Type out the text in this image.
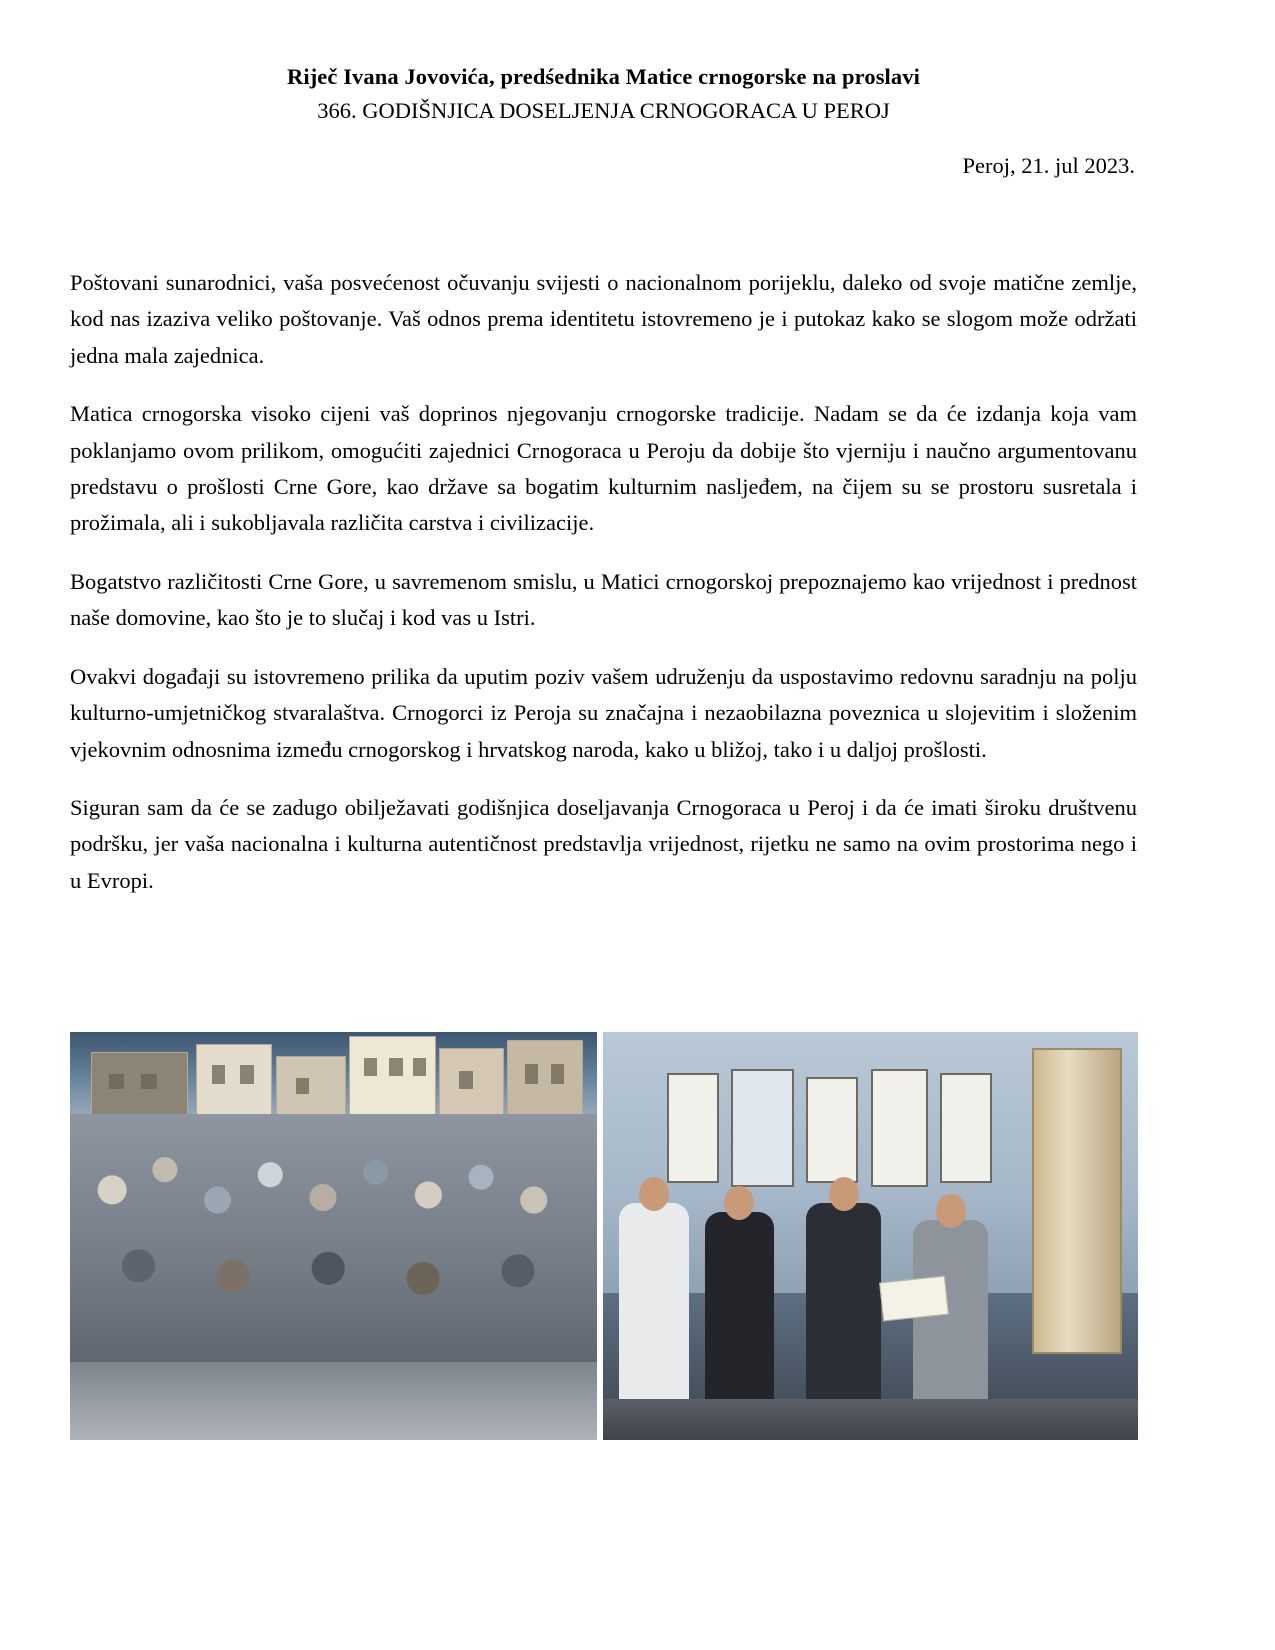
Riječ Ivana Jovovića, predśednika Matice crnogorske na proslavi
366. GODIŠNJICA DOSELJENJA CRNOGORACA U PEROJ
Peroj, 21. jul 2023.

Poštovani sunarodnici, vaša posvećenost očuvanju svijesti o nacionalnom porijeklu, daleko od svoje matične zemlje, kod nas izaziva veliko poštovanje. Vaš odnos prema identitetu istovremeno je i putokaz kako se slogom može održati jedna mala zajednica.

Matica crnogorska visoko cijeni vaš doprinos njegovanju crnogorske tradicije. Nadam se da će izdanja koja vam poklanjamo ovom prilikom, omogućiti zajednici Crnogoraca u Peroju da dobije što vjerniju i naučno argumentovanu predstavu o prošlosti Crne Gore, kao države sa bogatim kulturnim nasljeđem, na čijem su se prostoru susretala i prožimala, ali i sukobljavala različita carstva i civilizacije.

Bogatstvo različitosti Crne Gore, u savremenom smislu, u Matici crnogorskoj prepoznajemo kao vrijednost i prednost naše domovine, kao što je to slučaj i kod vas u Istri.

Ovakvi događaji su istovremeno prilika da uputim poziv vašem udruženju da uspostavimo redovnu saradnju na polju kulturno-umjetničkog stvaralaštva. Crnogorci iz Peroja su značajna i nezaobilazna poveznica u slojevitim i složenim vjekovnim odnosnima između crnogorskog i hrvatskog naroda, kako u bližoj, tako i u daljoj prošlosti.

Siguran sam da će se zadugo obilježavati godišnjica doseljavanja Crnogoraca u Peroj i da će imati široku društvenu podršku, jer vaša nacionalna i kulturna autentičnost predstavlja vrijednost, rijetku ne samo na ovim prostorima nego i u Evropi.
